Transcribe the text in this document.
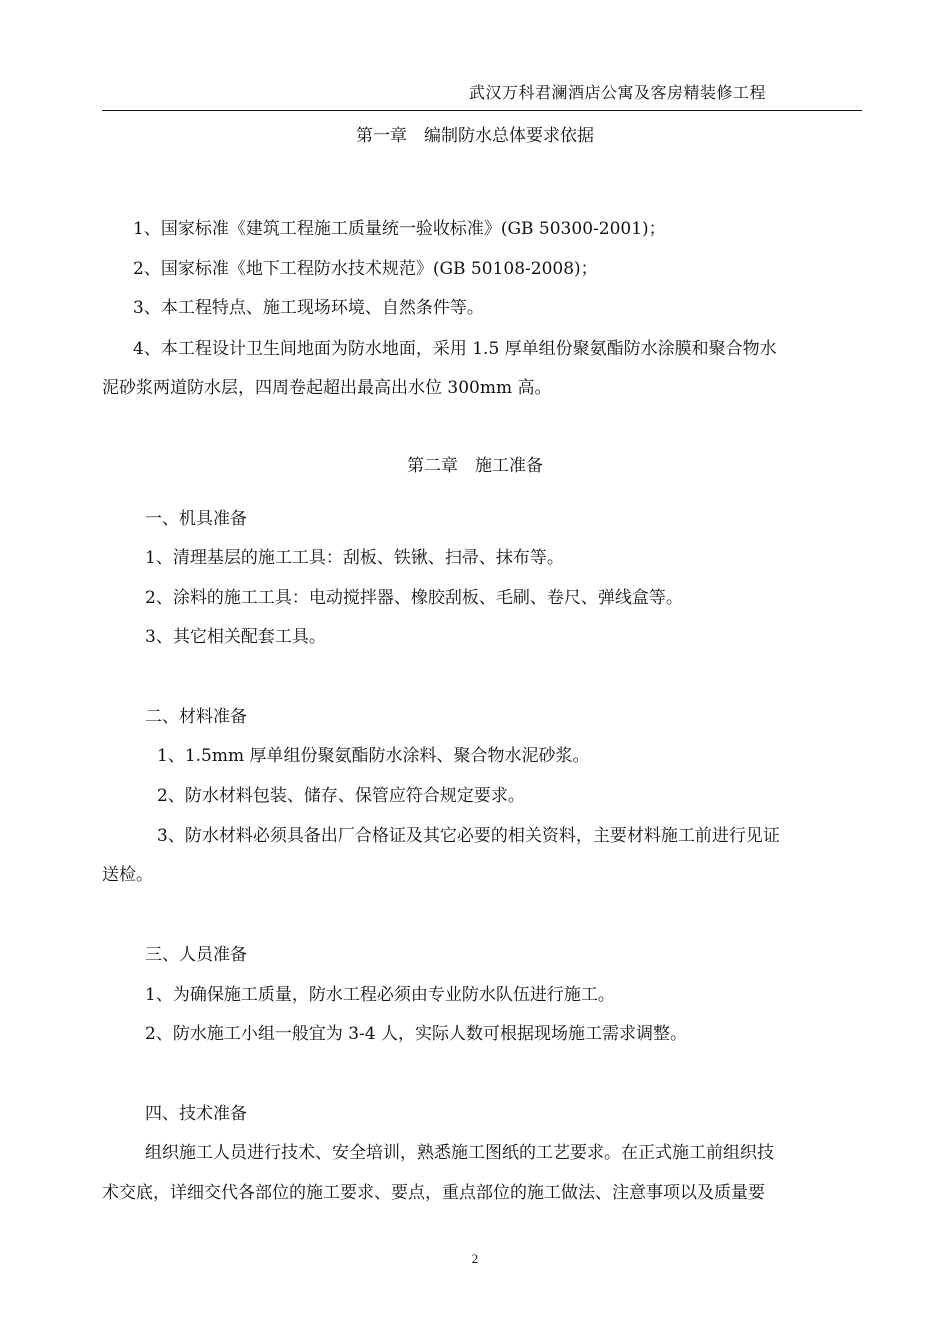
武汉万科君澜酒店公寓及客房精装修工程
第一章　编制防水总体要求依据
1、国家标准《建筑工程施工质量统一验收标准》(GB 50300-2001)；
2、国家标准《地下工程防水技术规范》(GB 50108-2008)；
3、本工程特点、施工现场环境、自然条件等。
4、本工程设计卫生间地面为防水地面，采用 1.5 厚单组份聚氨酯防水涂膜和聚合物水
泥砂浆两道防水层，四周卷起超出最高出水位 300mm 高。
第二章　施工准备
一、机具准备
1、清理基层的施工工具：刮板、铁锹、扫帚、抹布等。
2、涂料的施工工具：电动搅拌器、橡胶刮板、毛刷、卷尺、弹线盒等。
3、其它相关配套工具。
二、材料准备
1、1.5mm 厚单组份聚氨酯防水涂料、聚合物水泥砂浆。
2、防水材料包装、储存、保管应符合规定要求。
3、防水材料必须具备出厂合格证及其它必要的相关资料，主要材料施工前进行见证
送检。
三、人员准备
1、为确保施工质量，防水工程必须由专业防水队伍进行施工。
2、防水施工小组一般宜为 3-4 人，实际人数可根据现场施工需求调整。
四、技术准备
组织施工人员进行技术、安全培训，熟悉施工图纸的工艺要求。在正式施工前组织技
术交底，详细交代各部位的施工要求、要点，重点部位的施工做法、注意事项以及质量要
2
